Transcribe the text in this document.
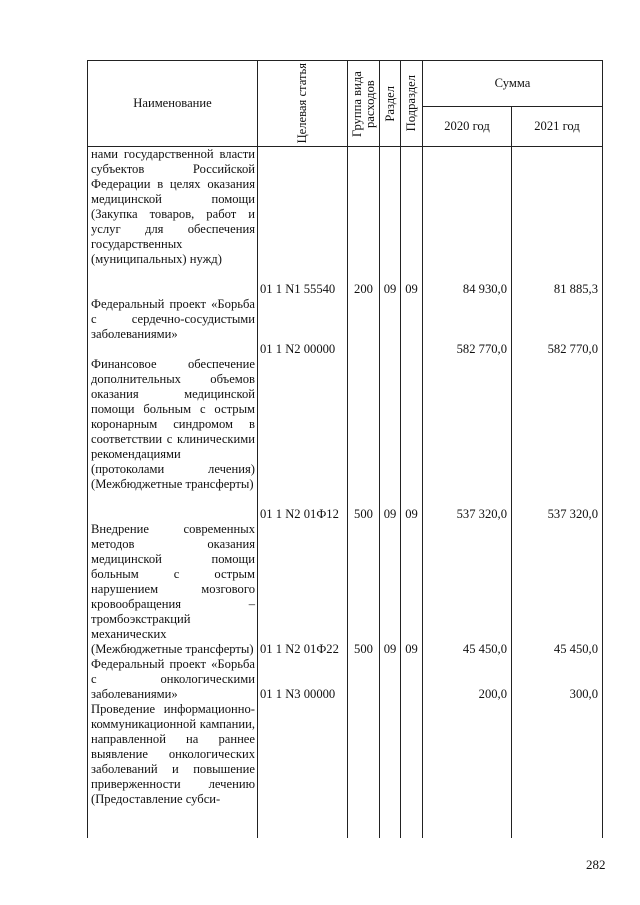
Наименование	Целевая статья	Группа вида расходов	Раздел	Подраздел	Сумма	
					2020 год	2021 год
нами государственной власти субъектов Российской Федерации в целях оказания медицинской помощи (Закупка товаров, работ и услуг для обеспечения государственных (муниципальных) нужд)	01 1 N1 55540	200	09	09	84 930,0	81 885,3
Федеральный проект «Борьба с сердечно-сосудистыми заболеваниями»	01 1 N2 00000				582 770,0	582 770,0
Финансовое обеспечение дополнительных объемов оказания медицинской помощи больным с острым коронарным синдромом в соответствии с клиническими рекомендациями (протоколами лечения) (Межбюджетные трансферты)	01 1 N2 01Ф12	500	09	09	537 320,0	537 320,0
Внедрение современных методов оказания медицинской помощи больным с острым нарушением мозгового кровообращения – тромбоэкстракций механических (Межбюджетные трансферты)	01 1 N2 01Ф22	500	09	09	45 450,0	45 450,0
Федеральный проект «Борьба с онкологическими заболеваниями»	01 1 N3 00000				200,0	300,0
Проведение информационно-коммуникационной кампании, направленной на раннее выявление онкологических заболеваний и повышение приверженности лечению (Предоставление субси-						
282
